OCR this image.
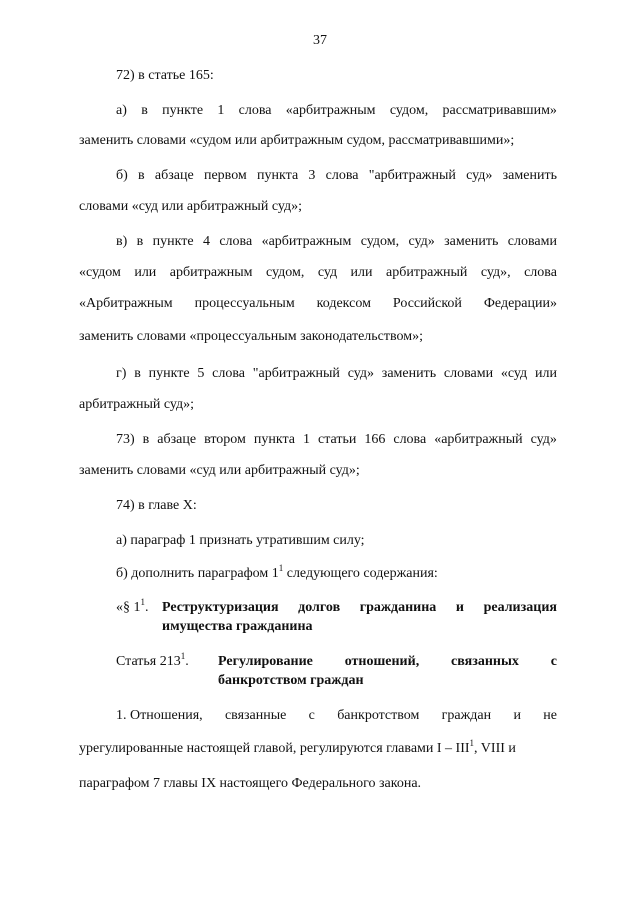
37
72) в статье 165:
а) в пункте 1 слова «арбитражным судом, рассматривавшим»
заменить словами «судом или арбитражным судом, рассматривавшими»;
б) в абзаце первом пункта 3 слова "арбитражный суд» заменить
словами «суд или арбитражный суд»;
в) в пункте 4 слова «арбитражным судом, суд» заменить словами
«судом или арбитражным судом, суд или арбитражный суд», слова
«Арбитражным процессуальным кодексом Российской Федерации»
заменить словами «процессуальным законодательством»;
г) в пункте 5 слова "арбитражный суд» заменить словами «суд или
арбитражный суд»;
73) в абзаце втором пункта 1 статьи 166 слова «арбитражный суд»
заменить словами «суд или арбитражный суд»;
74) в главе X:
а) параграф 1 признать утратившим силу;
б) дополнить параграфом $1^1$ следующего содержания:
«§ $1^1$. Реструктуризация долгов гражданина и реализация
имущества гражданина
Статья $213^1$. Регулирование отношений, связанных с
банкротством граждан
1. Отношения, связанные с банкротством граждан и не
урегулированные настоящей главой, регулируются главами I – III$^1$, VIII и
параграфом 7 главы IX настоящего Федерального закона.
